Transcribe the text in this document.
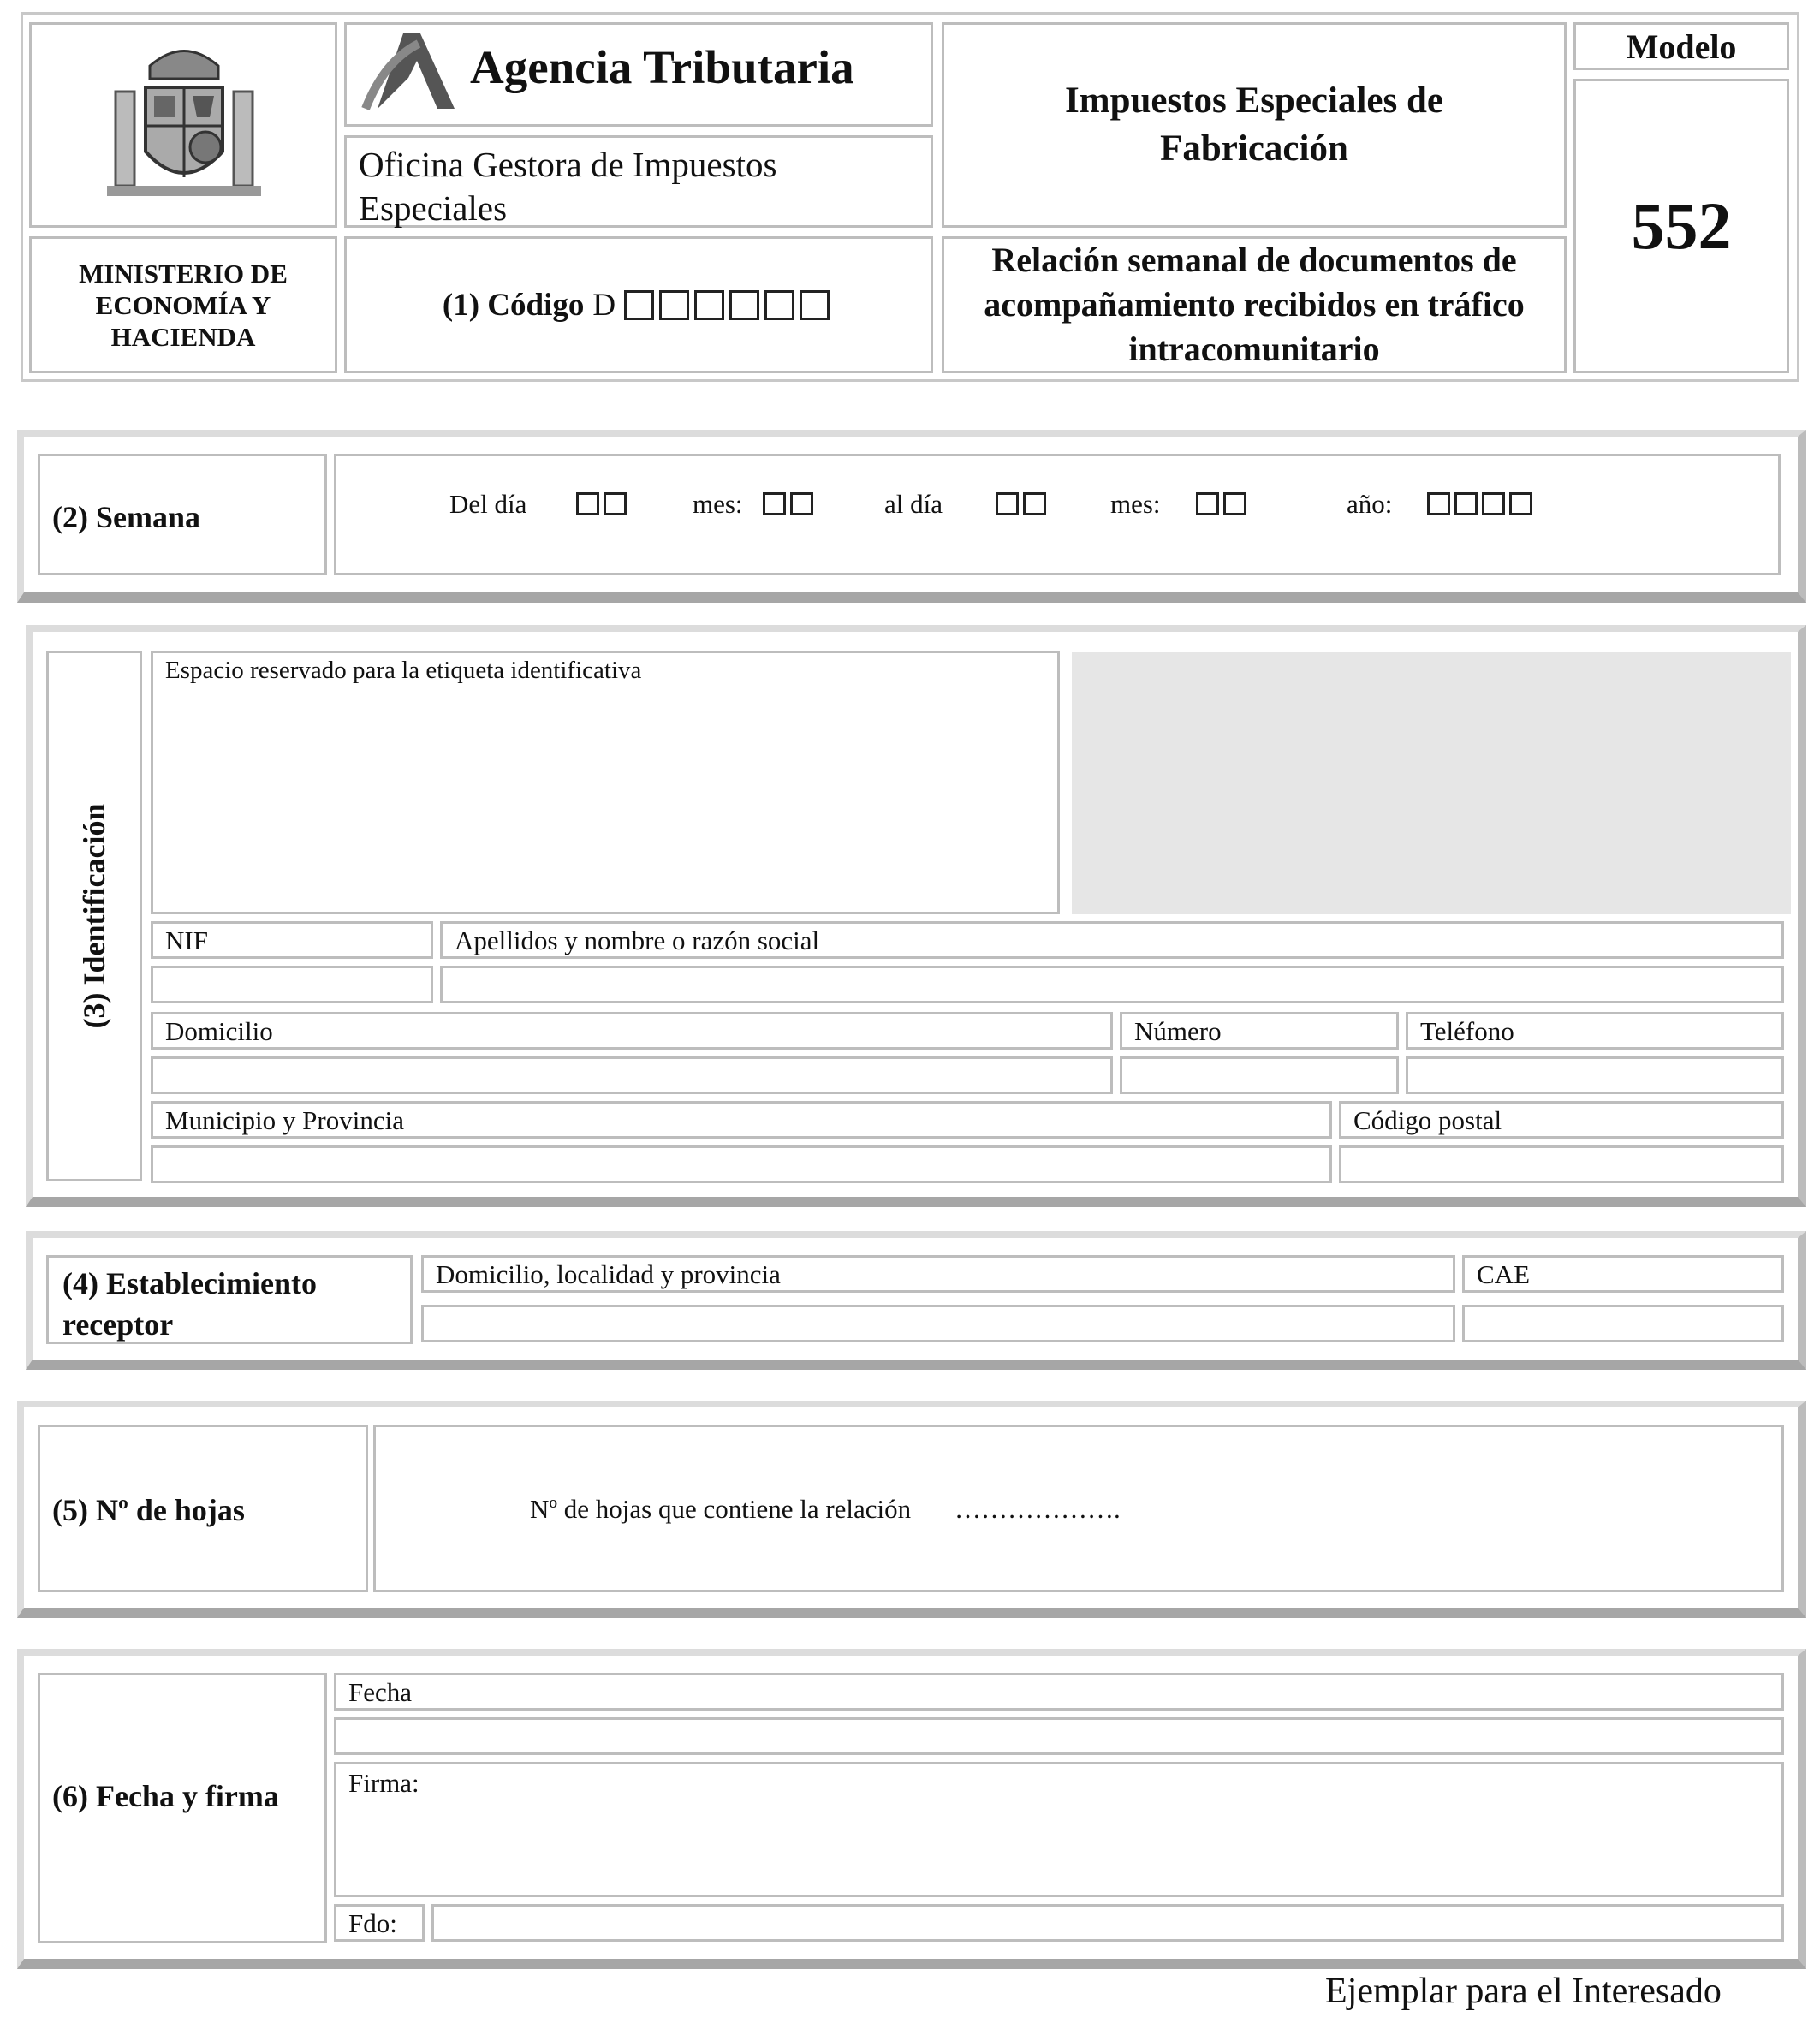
MINISTERIO DE ECONOMÍA Y HACIENDA
Agencia Tributaria
Oficina Gestora de Impuestos Especiales
(1) Código D
Impuestos Especiales de Fabricación
Relación semanal de documentos de acompañamiento recibidos en tráfico intracomunitario
Modelo
552
(2) Semana	Del día	mes:	al día	mes:	año:
(3) Identificación
Espacio reservado para la etiqueta identificativa
NIF	Apellidos y nombre o razón social
Domicilio	Número	Teléfono
Municipio y Provincia	Código postal
(4) Establecimiento receptor
Domicilio, localidad y provincia	CAE
(5) Nº de hojas	Nº de hojas que contiene la relación ……………….
(6) Fecha y firma
Fecha
Firma:
Fdo:
Ejemplar para el Interesado
